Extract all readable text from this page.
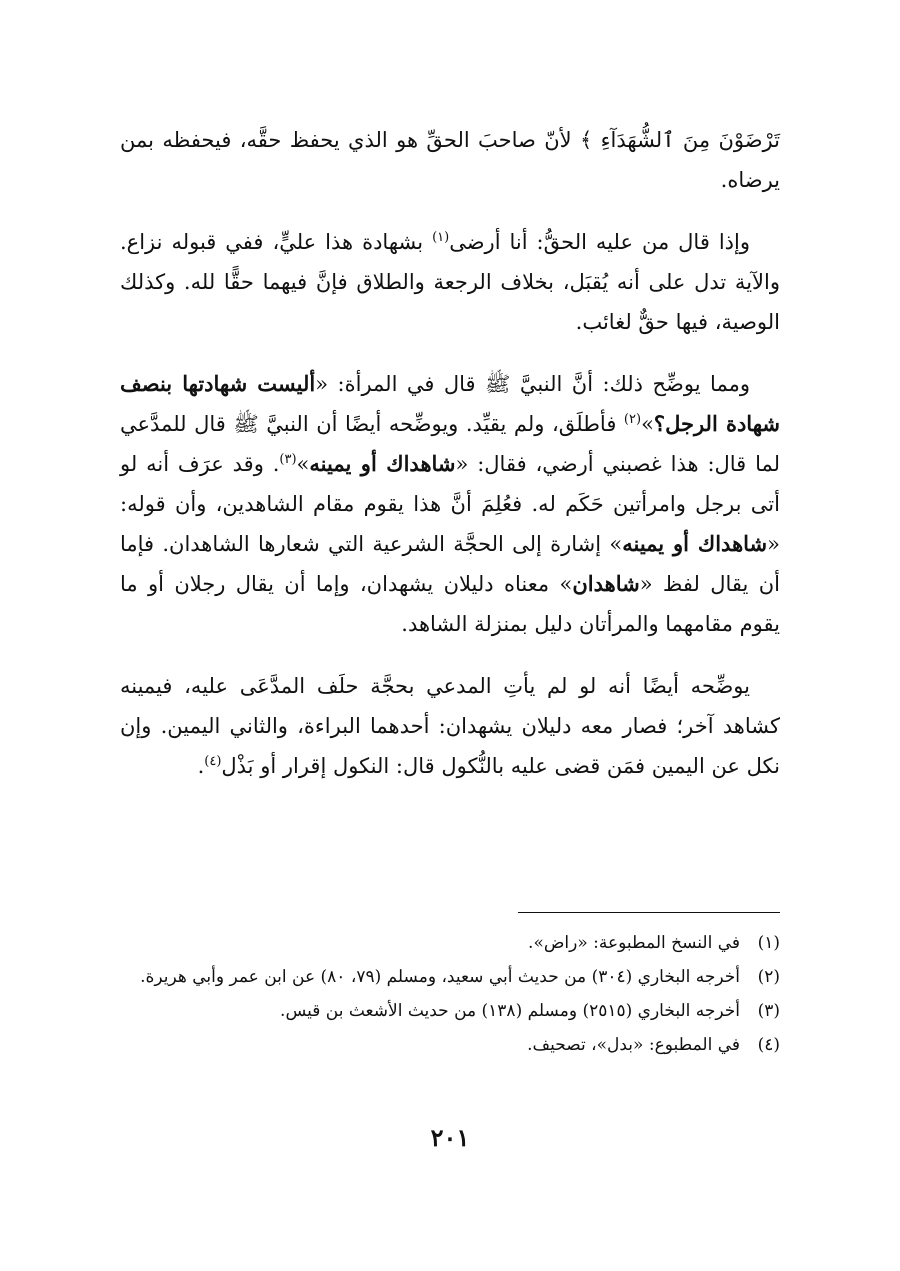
تَرْضَوْنَ مِنَ ٱلشُّهَدَآءِ ﴾ لأنّ صاحبَ الحقِّ هو الذي يحفظ حقَّه، فيحفظه بمن يرضاه.

وإذا قال من عليه الحقُّ: أنا أرضى$^{(١)}$ بشهادة هذا عليٍّ، ففي قبوله نزاع. والآية تدل على أنه يُقبَل، بخلاف الرجعة والطلاق فإنَّ فيهما حقًّا لله. وكذلك الوصية، فيها حقٌّ لغائب.

ومما يوضِّح ذلك: أنَّ النبيَّ ﷺ قال في المرأة: «أليست شهادتها بنصف شهادة الرجل؟»$^{(٢)}$ فأطلَق، ولم يقيِّد. ويوضِّحه أيضًا أن النبيَّ ﷺ قال للمدَّعي لما قال: هذا غصبني أرضي، فقال: «شاهداك أو يمينه»$^{(٣)}$. وقد عرَف أنه لو أتى برجل وامرأتين حَكَم له. فعُلِمَ أنَّ هذا يقوم مقام الشاهدين، وأن قوله: «شاهداك أو يمينه» إشارة إلى الحجَّة الشرعية التي شعارها الشاهدان. فإما أن يقال لفظ «شاهدان» معناه دليلان يشهدان، وإما أن يقال رجلان أو ما يقوم مقامهما والمرأتان دليل بمنزلة الشاهد.

يوضِّحه أيضًا أنه لو لم يأتِ المدعي بحجَّة حلَف المدَّعَى عليه، فيمينه كشاهد آخر؛ فصار معه دليلان يشهدان: أحدهما البراءة، والثاني اليمين. وإن نكل عن اليمين فمَن قضى عليه بالنُّكول قال: النكول إقرار أو بَذْل$^{(٤)}$.

(١)
في النسخ المطبوعة: «راض».
(٢)
أخرجه البخاري (٣٠٤) من حديث أبي سعيد، ومسلم (٧٩، ٨٠) عن ابن عمر وأبي هريرة.
(٣)
أخرجه البخاري (٢٥١٥) ومسلم (١٣٨) من حديث الأشعث بن قيس.
(٤)
في المطبوع: «بدل»، تصحيف.
٢٠١
